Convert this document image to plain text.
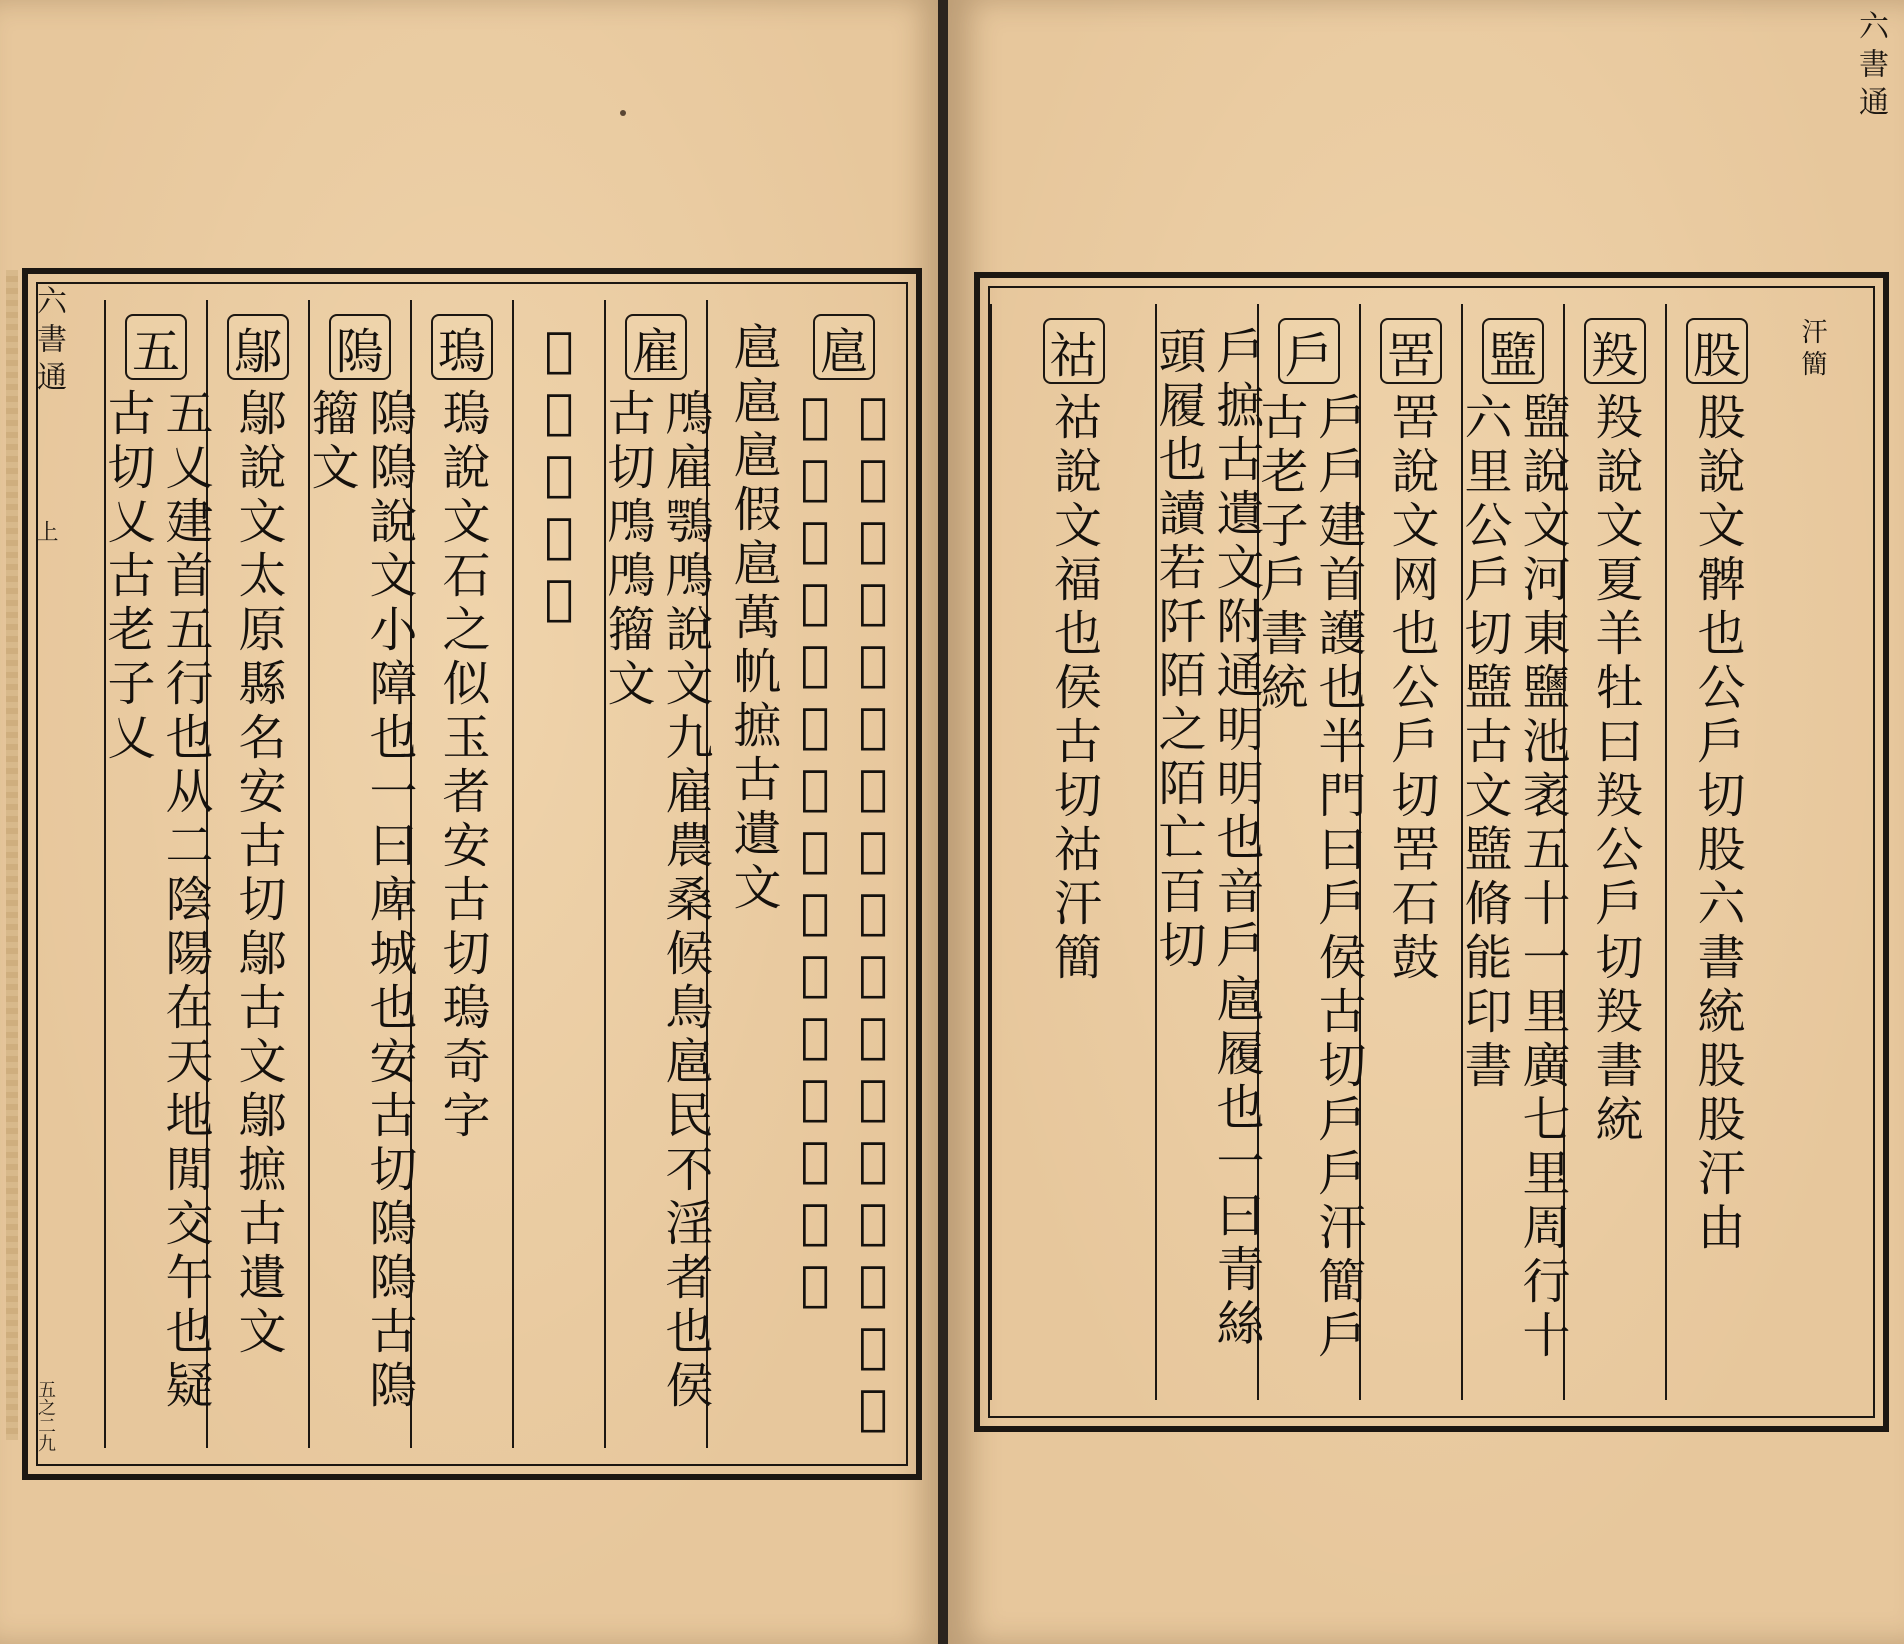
扈
𡵩扈㠶說文夏后同姓所封戰于甘者胡古切〇正韻扈又鳥名通作雇鳲㠶古文
扈扈扈假扈萬㠶摭古遺文
雇
鳲雇鶚鳲說文九雇農桑候鳥扈民不淫者也侯古切鳲鳲籀文
𡵩古文奇字
瑦
瑦說文石之似玉者安古切瑦奇字
隖
隖隖說文小障也一曰庳城也安古切隖隖古隖籀文
鄔
鄔說文太原縣名安古切鄔古文鄔摭古遺文
五
五乂建首五行也从二陰陽在天地閒交午也疑古切乂古老子乂
六書通
上
五之二九
汗簡
股
股說文髀也公戶切股六書統股股汗由
羖
羖說文夏羊牡曰羖公戶切羖書統
盬
盬說文河東鹽池袤五十一里廣七里周行十六里公戶切盬古文盬脩能印書
罟
罟說文网也公戶切罟石鼓
戶
戶戶建首護也半門曰戶侯古切戶戶汗簡戶古老子戶書統
戶摭古遺文附通明明也音戶扈履也一曰青絲頭履也讀若阡陌之陌亡百切
祜
祜說文福也侯古切祜汗簡
六書通
